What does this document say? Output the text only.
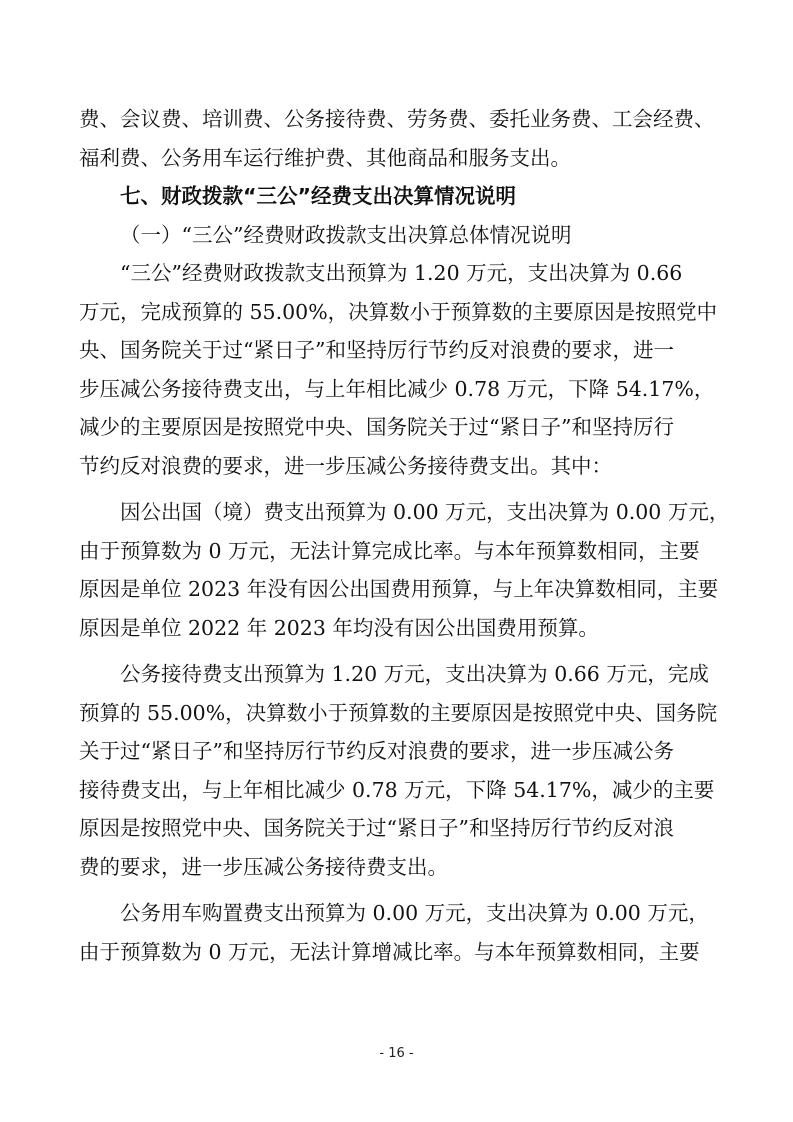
费、会议费、培训费、公务接待费、劳务费、委托业务费、工会经费、
福利费、公务用车运行维护费、其他商品和服务支出。

七、财政拨款“三公”经费支出决算情况说明

（一）“三公”经费财政拨款支出决算总体情况说明

“三公”经费财政拨款支出预算为 1.20 万元，支出决算为 0.66
万元，完成预算的 55.00%，决算数小于预算数的主要原因是按照党中
央、国务院关于过“紧日子”和坚持厉行节约反对浪费的要求，进一
步压减公务接待费支出，与上年相比减少 0.78 万元，下降 54.17%，
减少的主要原因是按照党中央、国务院关于过“紧日子”和坚持厉行
节约反对浪费的要求，进一步压减公务接待费支出。其中：

因公出国（境）费支出预算为 0.00 万元，支出决算为 0.00 万元，
由于预算数为 0 万元，无法计算完成比率。与本年预算数相同，主要
原因是单位 2023 年没有因公出国费用预算，与上年决算数相同，主要
原因是单位 2022 年 2023 年均没有因公出国费用预算。

公务接待费支出预算为 1.20 万元，支出决算为 0.66 万元，完成
预算的 55.00%，决算数小于预算数的主要原因是按照党中央、国务院
关于过“紧日子”和坚持厉行节约反对浪费的要求，进一步压减公务
接待费支出，与上年相比减少 0.78 万元，下降 54.17%，减少的主要
原因是按照党中央、国务院关于过“紧日子”和坚持厉行节约反对浪
费的要求，进一步压减公务接待费支出。

公务用车购置费支出预算为 0.00 万元，支出决算为 0.00 万元，
由于预算数为 0 万元，无法计算增减比率。与本年预算数相同，主要

- 16 -
